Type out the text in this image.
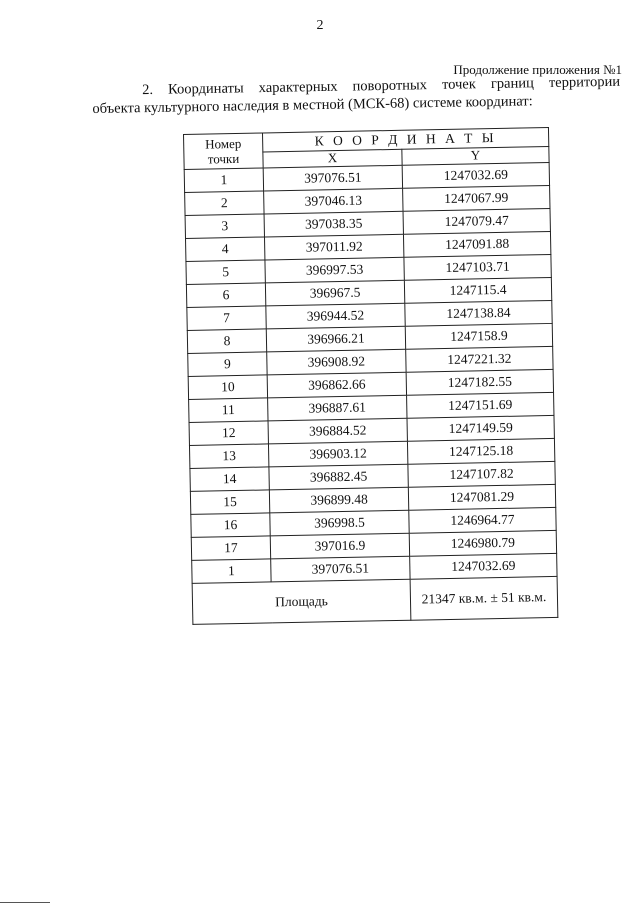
2
Продолжение приложения №1
2. Координаты характерных поворотных точек границ территории
объекта культурного наследия в местной (МСК-68) системе координат:
Номер точки	К О О Р Д И Н А Т Ы	
	X	Y
1	397076.51	1247032.69
2	397046.13	1247067.99
3	397038.35	1247079.47
4	397011.92	1247091.88
5	396997.53	1247103.71
6	396967.5	1247115.4
7	396944.52	1247138.84
8	396966.21	1247158.9
9	396908.92	1247221.32
10	396862.66	1247182.55
11	396887.61	1247151.69
12	396884.52	1247149.59
13	396903.12	1247125.18
14	396882.45	1247107.82
15	396899.48	1247081.29
16	396998.5	1246964.77
17	397016.9	1246980.79
1	397076.51	1247032.69
Площадь		21347 кв.м. ± 51 кв.м.
